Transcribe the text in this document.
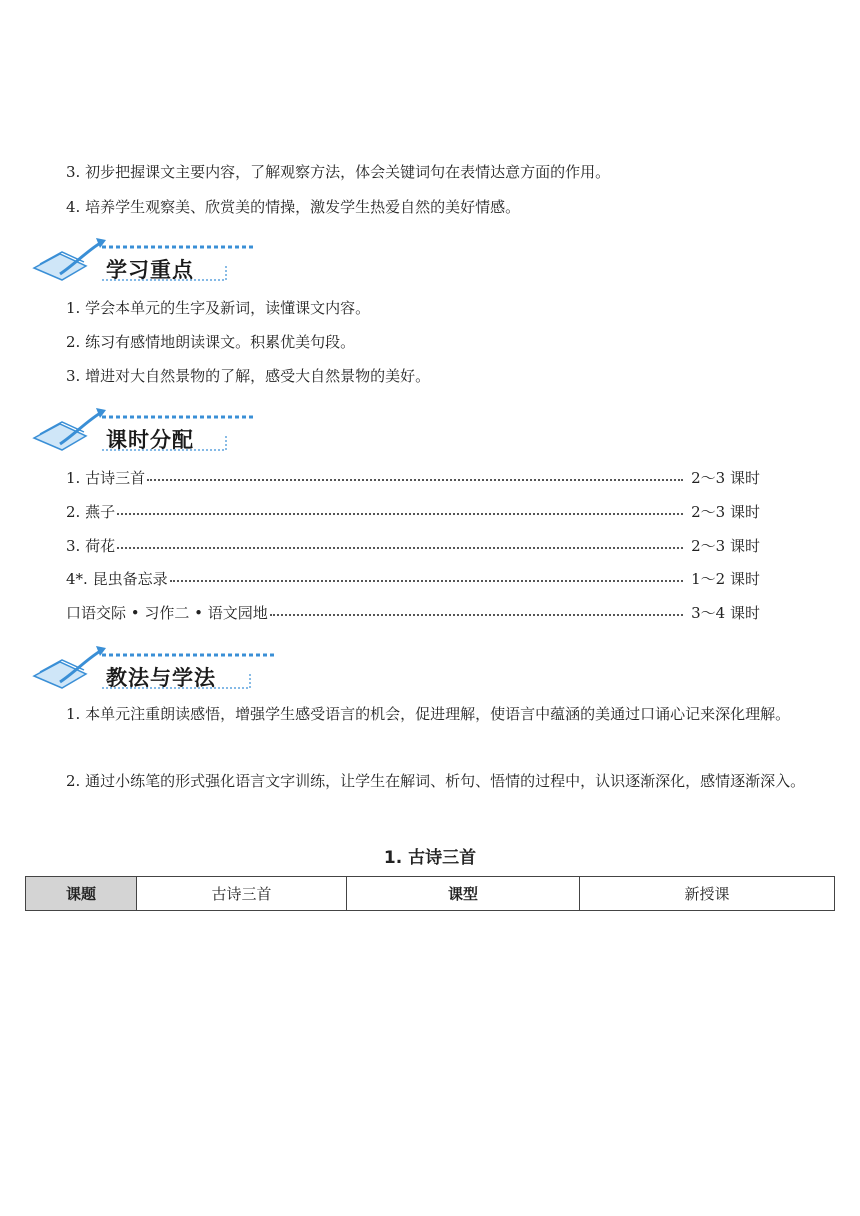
3. 初步把握课文主要内容，了解观察方法，体会关键词句在表情达意方面的作用。
4. 培养学生观察美、欣赏美的情操，激发学生热爱自然的美好情感。
学习重点
1. 学会本单元的生字及新词，读懂课文内容。
2. 练习有感情地朗读课文。积累优美句段。
3. 增进对大自然景物的了解，感受大自然景物的美好。
课时分配
1. 古诗三首	2～3 课时
2. 燕子	2～3 课时
3. 荷花	2～3 课时
4*. 昆虫备忘录	1～2 课时
口语交际 • 习作二 • 语文园地	3～4 课时
教法与学法
1. 本单元注重朗读感悟，增强学生感受语言的机会，促进理解，使语言中蕴涵的美通过口诵心记来深化理解。
2. 通过小练笔的形式强化语言文字训练，让学生在解词、析句、悟情的过程中，认识逐渐深化，感情逐渐深入。
1. 古诗三首
课题	古诗三首	课型	新授课
